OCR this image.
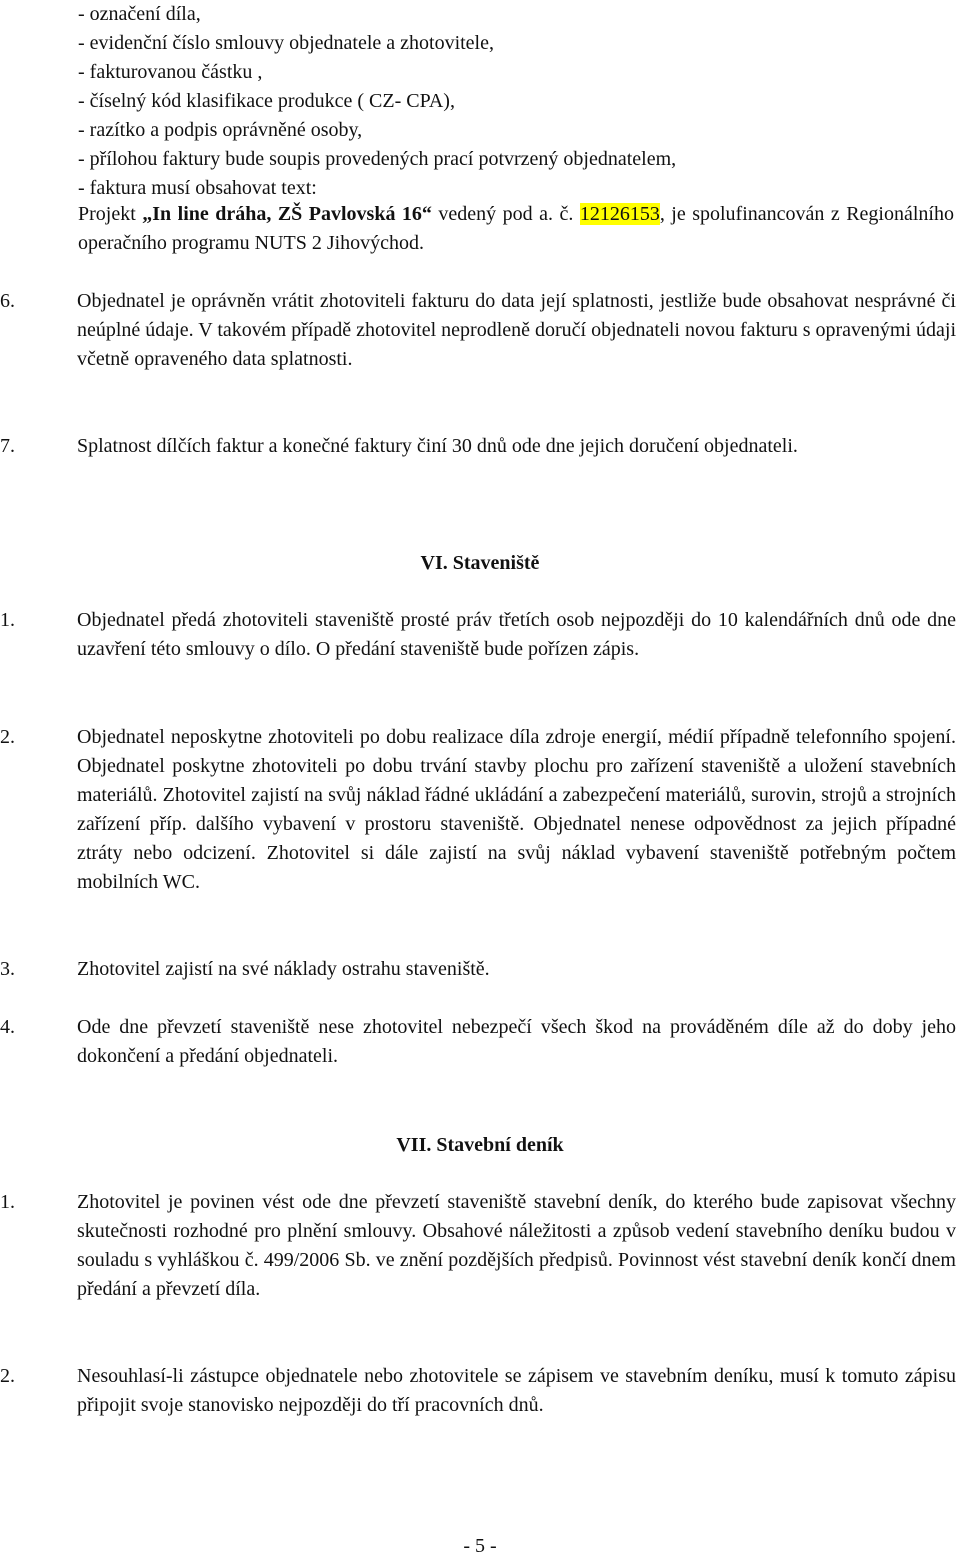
- označení díla,
- evidenční číslo smlouvy objednatele a zhotovitele,
- fakturovanou částku ,
- číselný kód klasifikace produkce ( CZ- CPA),
- razítko a podpis oprávněné osoby,
- přílohou faktury bude soupis provedených prací potvrzený objednatelem,
- faktura musí obsahovat text:
Projekt „In line dráha, ZŠ Pavlovská 16“ vedený pod a. č. 12126153, je spolufinancován z Regionálního operačního programu NUTS 2 Jihovýchod.
6.	Objednatel je oprávněn vrátit zhotoviteli fakturu do data její splatnosti, jestliže bude obsahovat nesprávné či neúplné údaje. V takovém případě zhotovitel neprodleně doručí objednateli novou fakturu s opravenými údaji včetně opraveného data splatnosti.
7.	Splatnost dílčích faktur a konečné faktury činí 30 dnů ode dne jejich doručení objednateli.
VI. Staveniště
1.	Objednatel předá zhotoviteli staveniště prosté práv třetích osob nejpozději do 10 kalendářních dnů ode dne uzavření této smlouvy o dílo. O předání staveniště bude pořízen zápis.
2.	Objednatel neposkytne zhotoviteli po dobu realizace díla zdroje energií, médií případně telefonního spojení. Objednatel poskytne zhotoviteli po dobu trvání stavby plochu pro zařízení staveniště a uložení stavebních materiálů. Zhotovitel zajistí na svůj náklad řádné ukládání a zabezpečení materiálů, surovin, strojů a strojních zařízení příp. dalšího vybavení v prostoru staveniště. Objednatel nenese odpovědnost za jejich případné ztráty nebo odcizení. Zhotovitel si dále zajistí na svůj náklad vybavení staveniště potřebným počtem mobilních WC.
3.	Zhotovitel zajistí na své náklady ostrahu staveniště.
4.	Ode dne převzetí staveniště nese zhotovitel nebezpečí všech škod na prováděném díle až do doby jeho dokončení a předání objednateli.
VII. Stavební deník
1.	Zhotovitel je povinen vést ode dne převzetí staveniště stavební deník, do kterého bude zapisovat všechny skutečnosti rozhodné pro plnění smlouvy. Obsahové náležitosti a způsob vedení stavebního deníku budou v souladu s vyhláškou č. 499/2006 Sb. ve znění pozdějších předpisů. Povinnost vést stavební deník končí dnem předání a převzetí díla.
2.	Nesouhlasí-li zástupce objednatele nebo zhotovitele se zápisem ve stavebním deníku, musí k tomuto zápisu připojit svoje stanovisko nejpozději do tří pracovních dnů.
- 5 -
